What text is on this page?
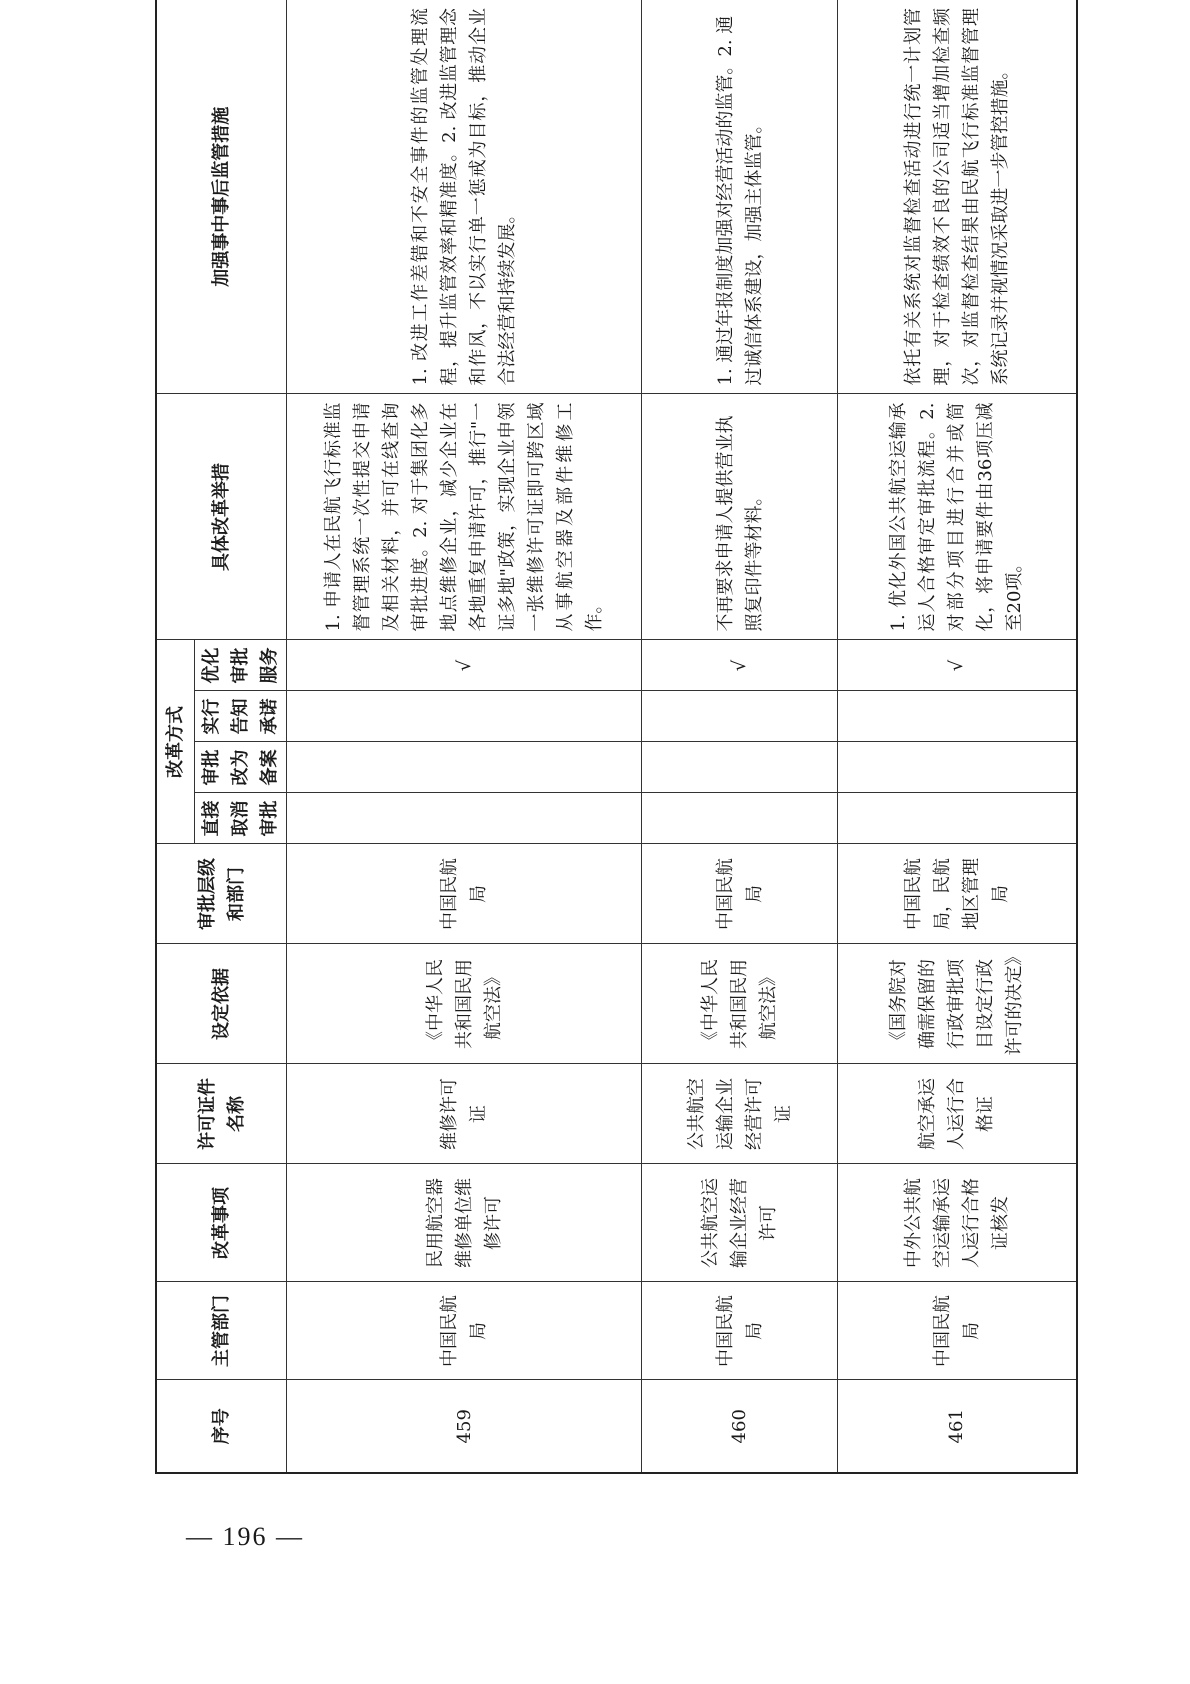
序号	主管部门	改革事项	许可证件名称	设定依据	审批层级和部门	改革方式				具体改革举措	加强事中事后监管措施
						直接取消审批	审批改为备案	实行告知承诺	优化审批服务		
459	中国民航局	民用航空器维修单位维修许可	维修许可证	《中华人民共和国民用航空法》	中国民航局				√	1. 申请人在民航飞行标准监督管理系统一次性提交申请及相关材料，并可在线查询审批进度。2. 对于集团化多地点维修企业，减少企业在各地重复申请许可，推行"一证多地"政策，实现企业申领一张维修许可证即可跨区域从事航空器及部件维修工作。	1. 改进工作差错和不安全事件的监管处理流程，提升监管效率和精准度。2. 改进监管理念和作风，不以实行单一惩戒为目标，推动企业合法经营和持续发展。
460	中国民航局	公共航空运输企业经营许可	公共航空运输企业经营许可证	《中华人民共和国民用航空法》	中国民航局				√	不再要求申请人提供营业执照复印件等材料。	1. 通过年报制度加强对经营活动的监管。2. 通过诚信体系建设，加强主体监管。
461	中国民航局	中外公共航空运输承运人运行合格证核发	航空承运人运行合格证	《国务院对确需保留的行政审批项目设定行政许可的决定》	中国民航局，民航地区管理局				√	1. 优化外国公共航空运输承运人合格审定审批流程。2. 对部分项目进行合并或简化，将申请要件由36项压减至20项。	依托有关系统对监督检查活动进行统一计划管理，对于检查绩效不良的公司适当增加检查频次，对监督检查结果由民航飞行标准监督管理系统记录并视情况采取进一步管控措施。
— 196 —
